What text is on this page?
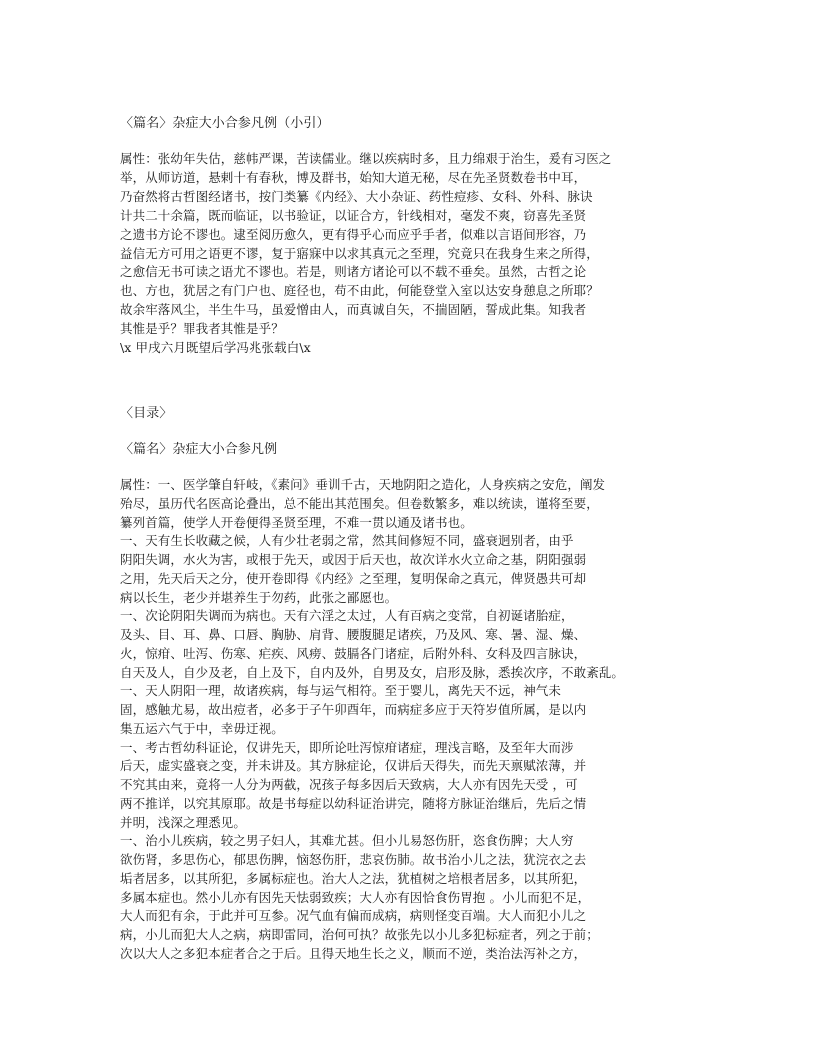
〈篇名〉杂症大小合参凡例（小引）
属性：张幼年失估，慈帏严课，苦读儒业。继以疾病时多，且力绵艰于治生，爰有习医之
举，从师访道，悬剌十有春秋，博及群书，始知大道无秘，尽在先圣贤数卷书中耳，
乃奋然将古哲图经诸书，按门类纂《内经》、大小杂证、药性痘疹、女科、外科、脉诀
计共二十余篇，既而临证，以书验证，以证合方，针线相对，毫发不爽，窃喜先圣贤
之遗书方论不谬也。逮至阅历愈久，更有得乎心而应乎手者，似难以言语间形容，乃
益信无方可用之语更不谬，复于寤寐中以求其真元之至理，究竟只在我身生来之所得，
之愈信无书可读之语尤不谬也。若是，则诸方诸论可以不载不垂矣。虽然，古哲之论
也、方也，犹居之有门户也、庭径也，苟不由此，何能登堂入室以达安身憩息之所耶？
故余牢落风尘，半生牛马，虽爱憎由人，而真诚自矢，不揣固陋，誓成此集。知我者
其惟是乎？罪我者其惟是乎？
\x 甲戌六月既望后学冯兆张载白\x
〈目录〉
〈篇名〉杂症大小合参凡例
属性：一、医学肇自轩岐，《素问》垂训千古，天地阴阳之造化，人身疾病之安危，阐发
殆尽，虽历代名医高论叠出，总不能出其范围矣。但卷数繁多，难以统读，谨将至要，
纂列首篇，使学人开卷便得圣贤至理，不难一贯以通及诸书也。
一、天有生长收藏之候，人有少壮老弱之常，然其间修短不同，盛衰迥别者，由乎
阴阳失调，水火为害，或根于先天，或因于后天也，故次详水火立命之基，阴阳强弱
之用，先天后天之分，使开卷即得《内经》之至理，复明保命之真元，俾贤愚共可却
病以长生，老少并堪养生于勿药，此张之鄙愿也。
一、次论阴阳失调而为病也。天有六淫之太过，人有百病之变常，自初诞诸胎症，
及头、目、耳、鼻、口唇、胸胁、肩背、腰腹腿足诸疾，乃及风、寒、暑、湿、燥、
火，惊疳、吐泻、伤寒、疟疾、风痨、鼓膈各门诸症，后附外科、女科及四言脉诀，
自天及人，自少及老，自上及下，自内及外，自男及女，启形及脉，悉挨次序，不敢紊乱。
一、天人阴阳一理，故诸疾病，每与运气相符。至于婴儿，离先天不远，神气未
固，感触尤易，故出痘者，必多于子午卯酉年，而病症多应于天符岁值所属，是以内
集五运六气于中，幸毋迂视。
一、考古哲幼科证论，仅讲先天，即所论吐泻惊疳诸症，理浅言略，及至年大而涉
后天，虚实盛衰之变，并未讲及。其方脉症论，仅讲后天得失，而先天禀赋浓薄，并
不究其由来，竟将一人分为两截，况孩子每多因后天致病，大人亦有因先天受 ，可
两不推详，以究其原耶。故是书每症以幼科证治讲完，随将方脉证治继后，先后之情
并明，浅深之理悉见。
一、治小儿疾病，较之男子妇人，其难尤甚。但小儿易怒伤肝，恣食伤脾；大人穷
欲伤肾，多思伤心，郁思伤脾，恼怒伤肝，悲哀伤肺。故书治小儿之法，犹浣衣之去
垢者居多，以其所犯，多属标症也。治大人之法，犹植树之培根者居多，以其所犯，
多属本症也。然小儿亦有因先天怯弱致疾；大人亦有因恰食伤胃抱 。小儿而犯不足，
大人而犯有余，于此并可互参。况气血有偏而成病，病则怪变百端。大人而犯小儿之
病，小儿而犯大人之病，病即雷同，治何可执？故张先以小儿多犯标症者，列之于前；
次以大人之多犯本症者合之于后。且得天地生长之义，顺而不逆，类治法泻补之方，
